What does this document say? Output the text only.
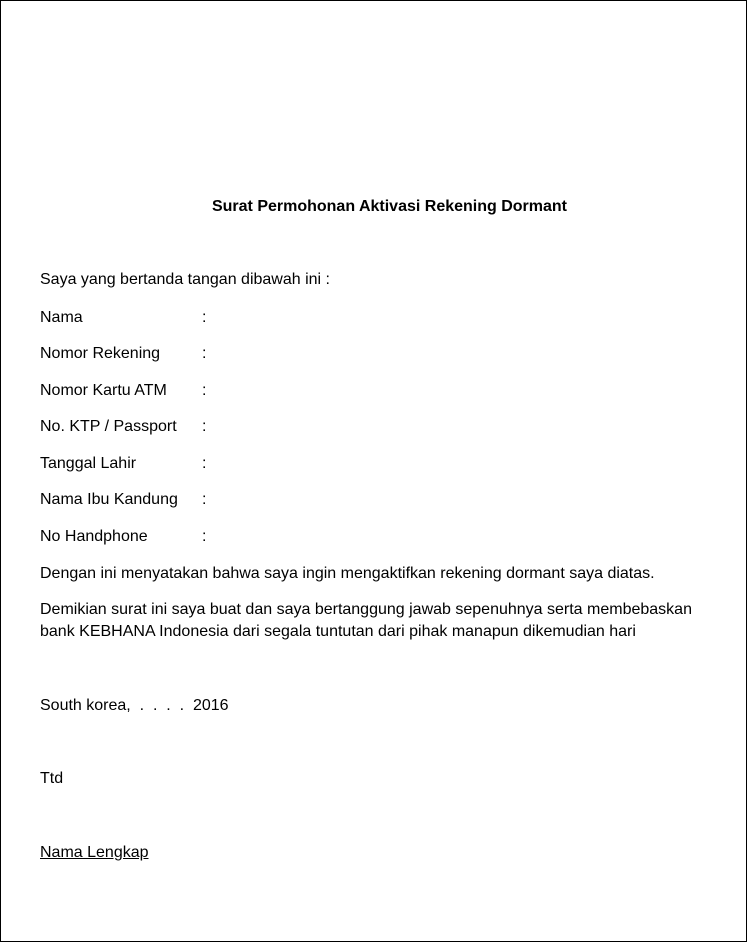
Surat Permohonan Aktivasi Rekening Dormant
Saya yang bertanda tangan dibawah ini :
Nama	:
Nomor Rekening	:
Nomor Kartu ATM :
No. KTP / Passport :
Tanggal Lahir	:
Nama Ibu Kandung :
No Handphone	:
Dengan ini menyatakan bahwa saya ingin mengaktifkan rekening dormant saya diatas.
Demikian surat ini saya buat dan saya bertanggung jawab sepenuhnya serta membebaskan
bank KEBHANA Indonesia dari segala tuntutan dari pihak manapun dikemudian hari
South korea,  .  .  .  .  2016
Ttd
Nama Lengkap
